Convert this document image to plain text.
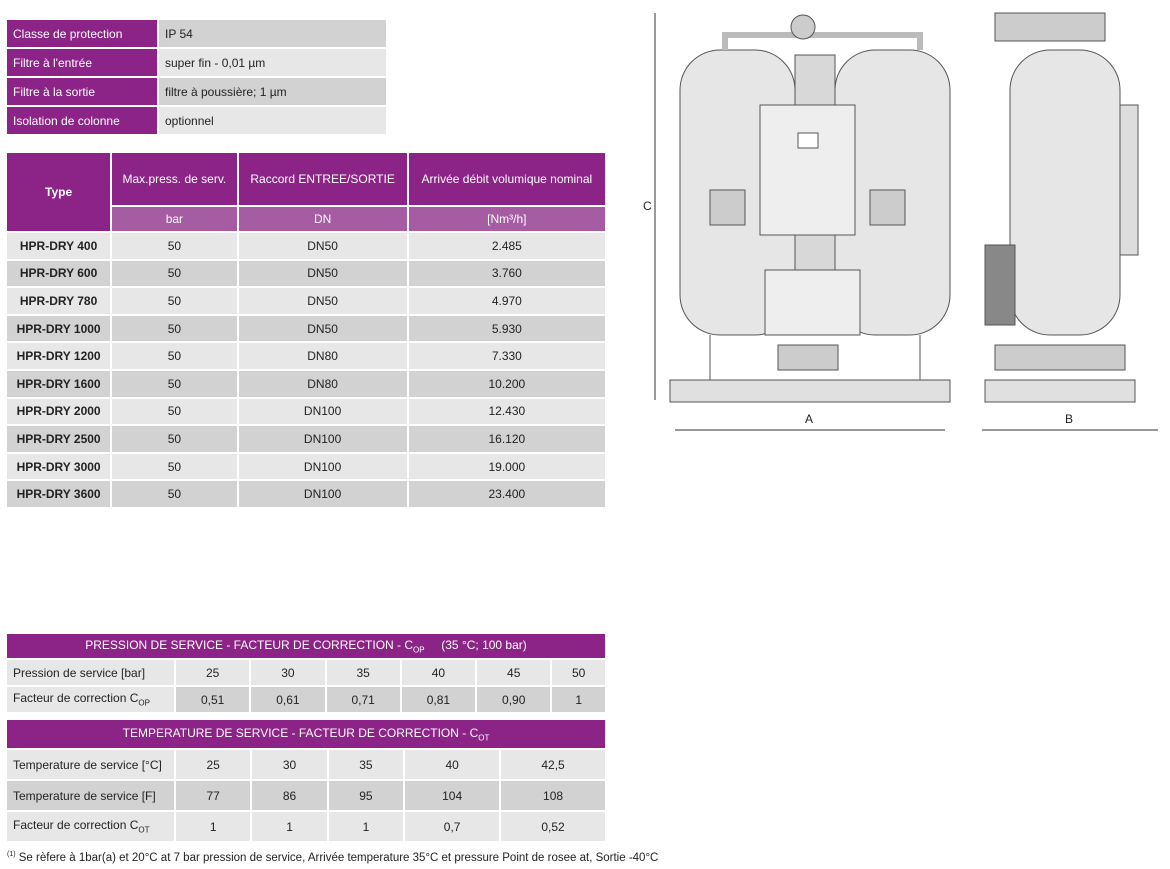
Classe de protection	IP 54
Filtre à l'entrée	super fin - 0,01 µm
Filtre à la sortie	filtre à poussière; 1 µm
Isolation de colonne	optionnel
Type	Max.press. de serv.	Raccord ENTREE/SORTIE	Arrivée débit volumique nominal
	bar	DN	[Nm³/h]
HPR-DRY 400	50	DN50	2.485
HPR-DRY 600	50	DN50	3.760
HPR-DRY 780	50	DN50	4.970
HPR-DRY 1000	50	DN50	5.930
HPR-DRY 1200	50	DN80	7.330
HPR-DRY 1600	50	DN80	10.200
HPR-DRY 2000	50	DN100	12.430
HPR-DRY 2500	50	DN100	16.120
HPR-DRY 3000	50	DN100	19.000
HPR-DRY 3600	50	DN100	23.400
PRESSION DE SERVICE - FACTEUR DE CORRECTION - $C_{OP}$ (35 °C; 100 bar)						
Pression de service [bar]	25	30	35	40	45	50
Facteur de correction $C_{OP}$	0,51	0,61	0,71	0,81	0,90	1
TEMPERATURE DE SERVICE - FACTEUR DE CORRECTION - $C_{OT}$
Temperature de service [°C]	25	30	35	40	42,5
Temperature de service [F]	77	86	95	104	108
Facteur de correction $C_{OT}$	1	1	1	0,7	0,52
$^{(1)}$ Se rèfere à 1bar(a) et 20°C at 7 bar pression de service, Arrivée temperature 35°C et pressure Point de rosee at, Sortie -40°C
C
A	B
